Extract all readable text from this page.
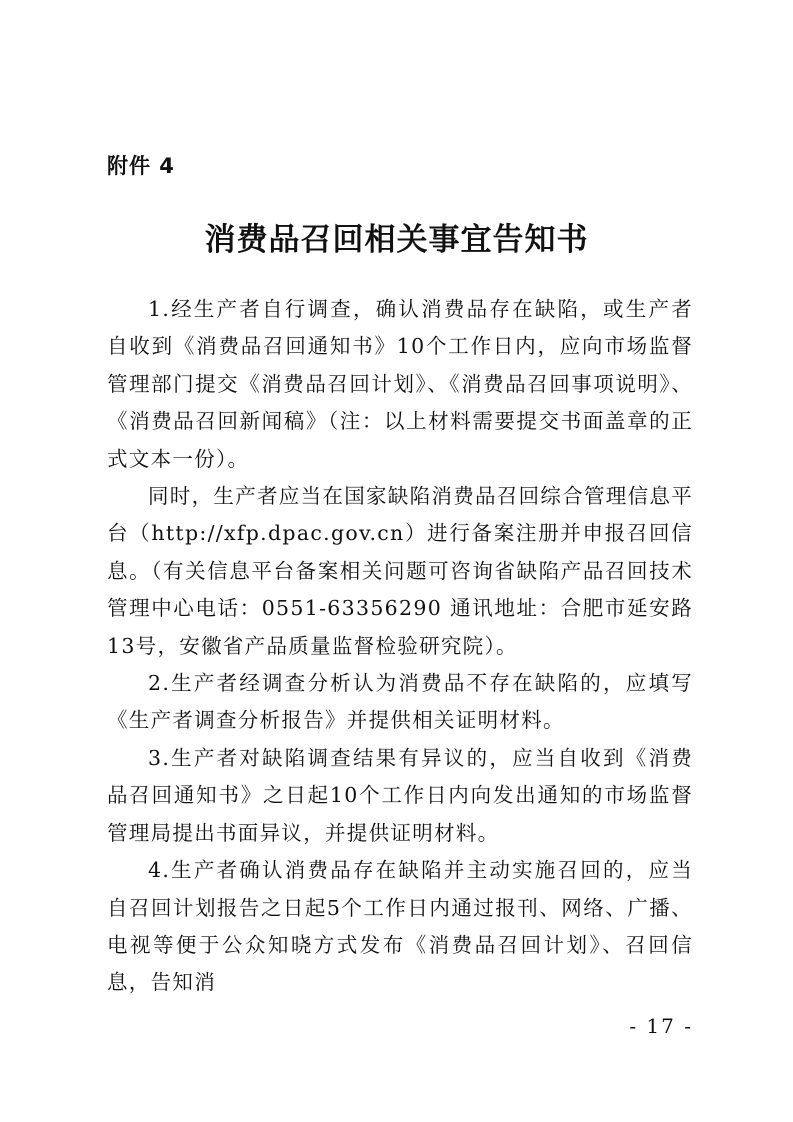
附件 4
消费品召回相关事宜告知书

1.经生产者自行调查，确认消费品存在缺陷，或生产者自收到《消费品召回通知书》10个工作日内，应向市场监督管理部门提交《消费品召回计划》、《消费品召回事项说明》、《消费品召回新闻稿》（注：以上材料需要提交书面盖章的正式文本一份）。

同时，生产者应当在国家缺陷消费品召回综合管理信息平台（http://xfp.dpac.gov.cn）进行备案注册并申报召回信息。（有关信息平台备案相关问题可咨询省缺陷产品召回技术管理中心电话：0551-63356290 通讯地址：合肥市延安路13号，安徽省产品质量监督检验研究院）。

2.生产者经调查分析认为消费品不存在缺陷的，应填写《生产者调查分析报告》并提供相关证明材料。

3.生产者对缺陷调查结果有异议的，应当自收到《消费品召回通知书》之日起10个工作日内向发出通知的市场监督管理局提出书面异议，并提供证明材料。

4.生产者确认消费品存在缺陷并主动实施召回的，应当自召回计划报告之日起5个工作日内通过报刊、网络、广播、电视等便于公众知晓方式发布《消费品召回计划》、召回信息，告知消

- 17 -
